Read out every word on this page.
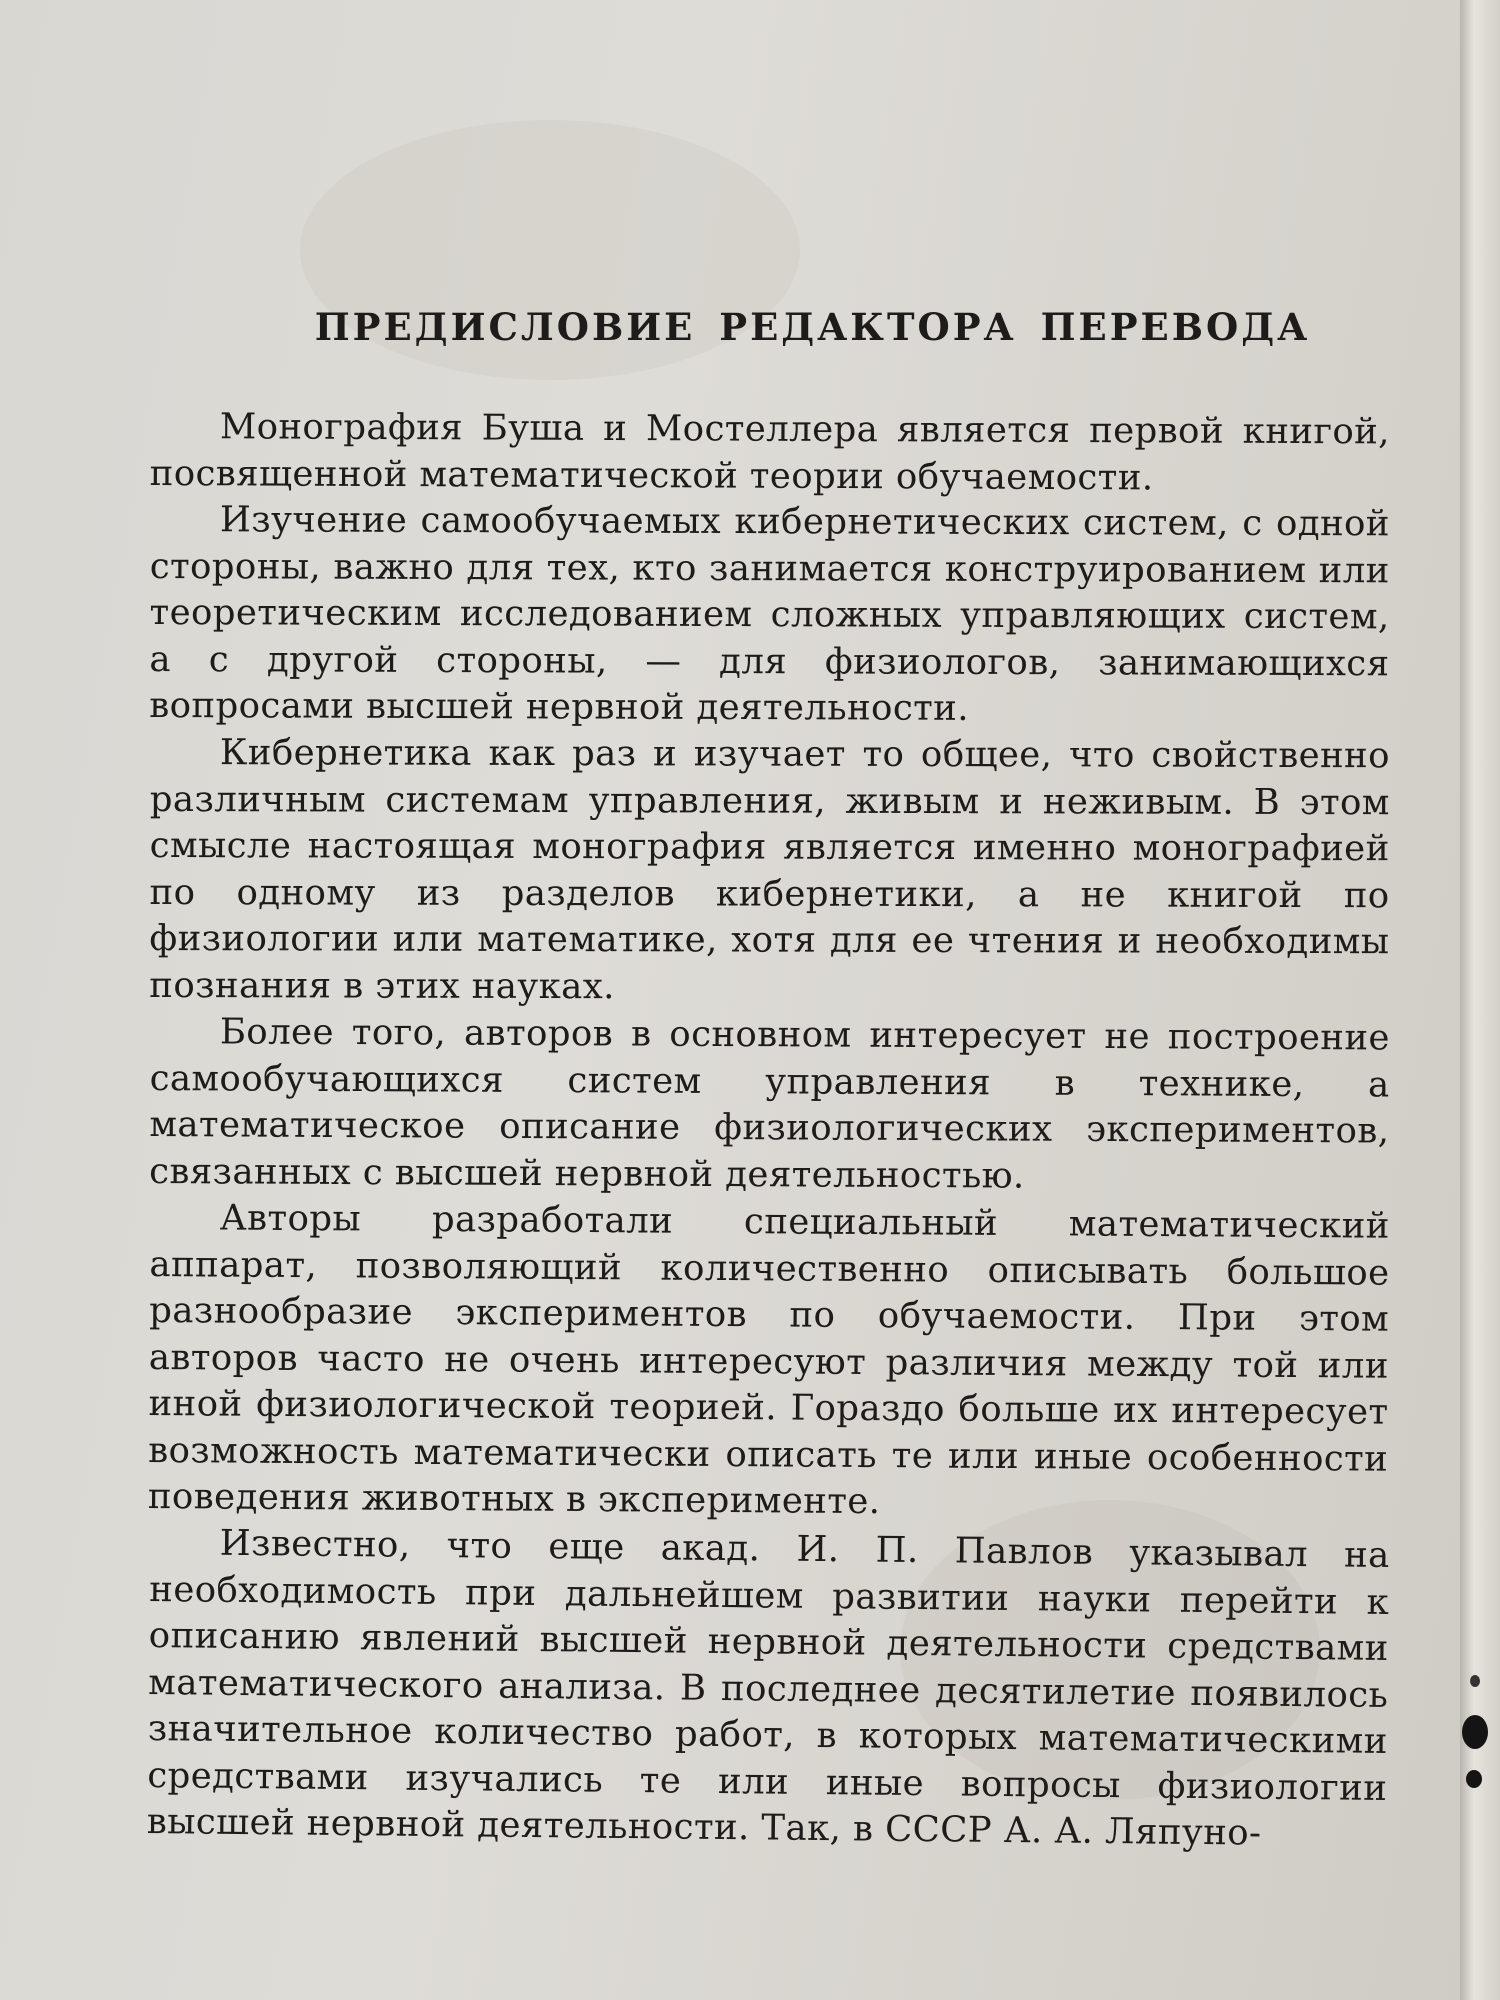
ПРЕДИСЛОВИЕ РЕДАКТОРА ПЕРЕВОДА

Монография Буша и Мостеллера является первой книгой, посвященной математической теории обучаемости.

Изучение самообучаемых кибернетических систем, с одной стороны, важно для тех, кто занимается конструированием или теоретическим исследованием сложных управляющих систем, а с другой стороны, — для физиологов, занимающихся вопросами высшей нервной деятельности.

Кибернетика как раз и изучает то общее, что свойственно различным системам управления, живым и неживым. В этом смысле настоящая монография является именно монографией по одному из разделов кибернетики, а не книгой по физиологии или математике, хотя для ее чтения и необходимы познания в этих науках.

Более того, авторов в основном интересует не построение самообучающихся систем управления в технике, а математическое описание физиологических экспериментов, связанных с высшей нервной деятельностью.

Авторы разработали специальный математический аппарат, позволяющий количественно описывать большое разнообразие экспериментов по обучаемости. При этом авторов часто не очень интересуют различия между той или иной физиологической теорией. Гораздо больше их интересует возможность математически описать те или иные особенности поведения животных в эксперименте.

Известно, что еще акад. И. П. Павлов указывал на необходимость при дальнейшем развитии науки перейти к описанию явлений высшей нервной деятельности средствами математического анализа. В последнее десятилетие появилось значительное количество работ, в которых математическими средствами изучались те или иные вопросы физиологии высшей нервной деятельности. Так, в СССР А. А. Ляпуно-
